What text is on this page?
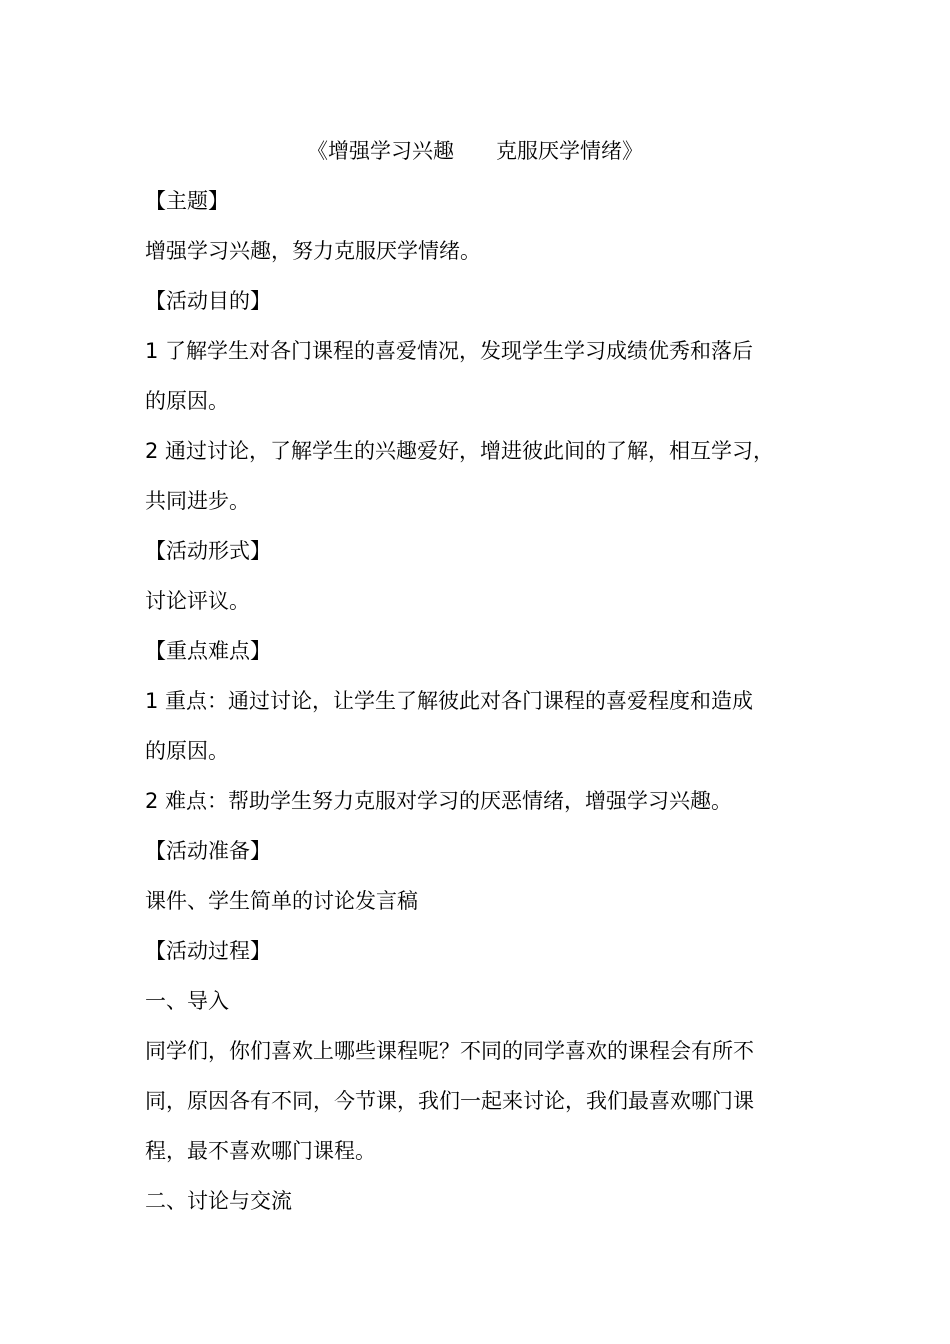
《增强学习兴趣　　克服厌学情绪》
【主题】
增强学习兴趣，努力克服厌学情绪。
【活动目的】
1 了解学生对各门课程的喜爱情况，发现学生学习成绩优秀和落后
的原因。
2 通过讨论，了解学生的兴趣爱好，增进彼此间的了解，相互学习，
共同进步。
【活动形式】
讨论评议。
【重点难点】
1 重点：通过讨论，让学生了解彼此对各门课程的喜爱程度和造成
的原因。
2 难点：帮助学生努力克服对学习的厌恶情绪，增强学习兴趣。
【活动准备】
课件、学生简单的讨论发言稿
【活动过程】
一、导入
同学们，你们喜欢上哪些课程呢？不同的同学喜欢的课程会有所不
同，原因各有不同，今节课，我们一起来讨论，我们最喜欢哪门课
程，最不喜欢哪门课程。
二、讨论与交流
